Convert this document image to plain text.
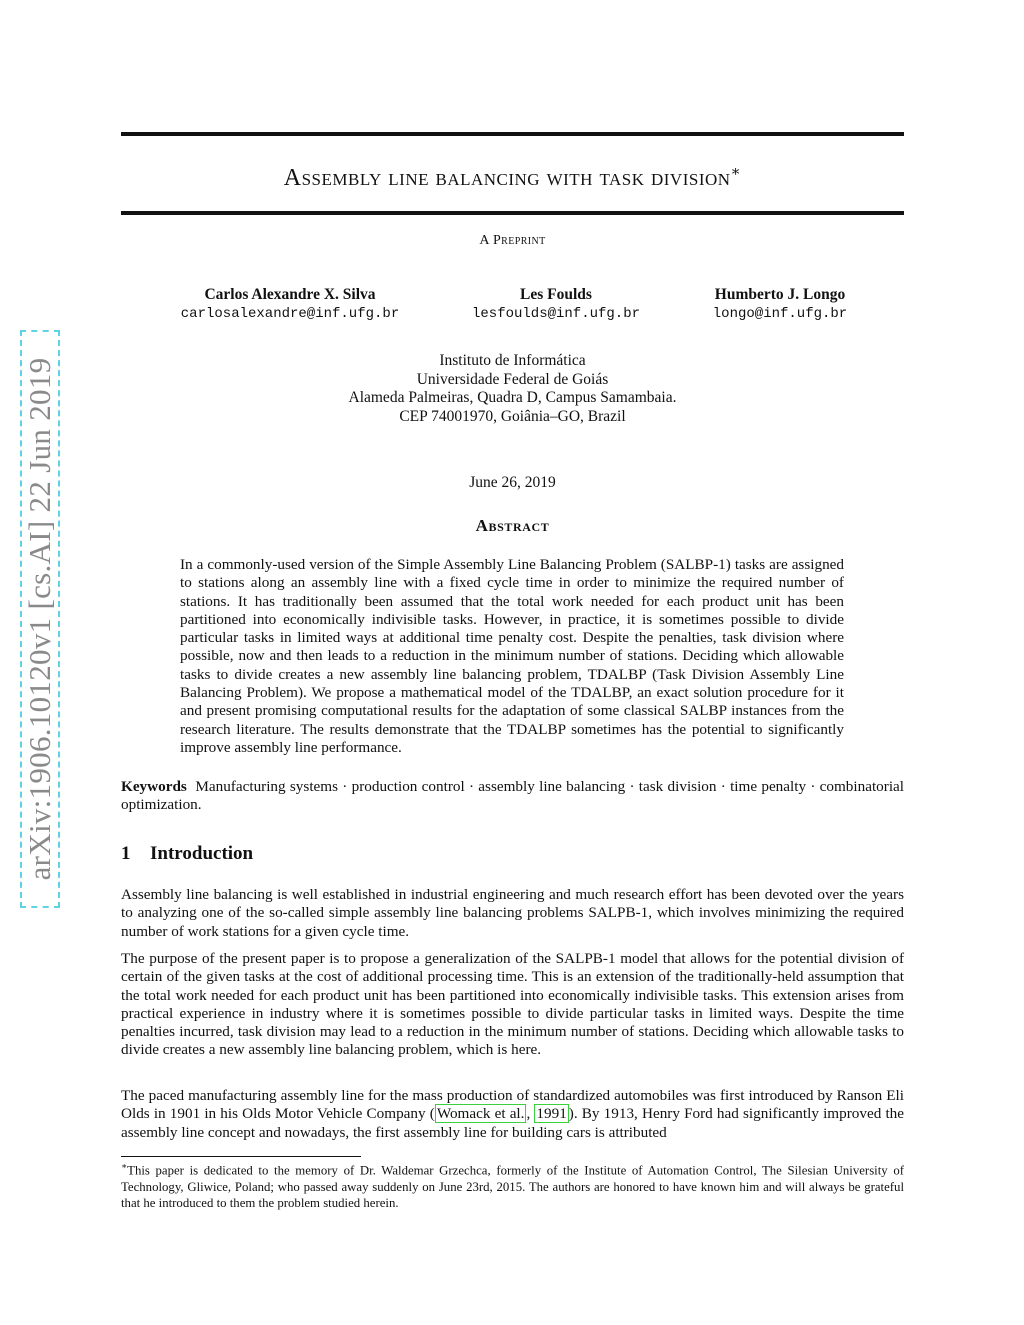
arXiv:1906.10120v1 [cs.AI] 22 Jun 2019
Assembly line balancing with task division∗
A Preprint
Carlos Alexandre X. Silva
carlosalexandre@inf.ufg.br
Les Foulds
lesfoulds@inf.ufg.br
Humberto J. Longo
longo@inf.ufg.br
Instituto de Informática
Universidade Federal de Goiás
Alameda Palmeiras, Quadra D, Campus Samambaia.
CEP 74001970, Goiânia–GO, Brazil
June 26, 2019
Abstract
In a commonly-used version of the Simple Assembly Line Balancing Problem (SALBP-1) tasks are assigned to stations along an assembly line with a fixed cycle time in order to minimize the required number of stations. It has traditionally been assumed that the total work needed for each product unit has been partitioned into economically indivisible tasks. However, in practice, it is sometimes possible to divide particular tasks in limited ways at additional time penalty cost. Despite the penalties, task division where possible, now and then leads to a reduction in the minimum number of stations. Deciding which allowable tasks to divide creates a new assembly line balancing problem, TDALBP (Task Division Assembly Line Balancing Problem). We propose a mathematical model of the TDALBP, an exact solution procedure for it and present promising computational results for the adaptation of some classical SALBP instances from the research literature. The results demonstrate that the TDALBP sometimes has the potential to significantly improve assembly line performance.
Keywords Manufacturing systems · production control · assembly line balancing · task division · time penalty · combinatorial optimization.
1 Introduction
Assembly line balancing is well established in industrial engineering and much research effort has been devoted over the years to analyzing one of the so-called simple assembly line balancing problems SALPB-1, which involves minimizing the required number of work stations for a given cycle time.
The purpose of the present paper is to propose a generalization of the SALPB-1 model that allows for the potential division of certain of the given tasks at the cost of additional processing time. This is an extension of the traditionally-held assumption that the total work needed for each product unit has been partitioned into economically indivisible tasks. This extension arises from practical experience in industry where it is sometimes possible to divide particular tasks in limited ways. Despite the time penalties incurred, task division may lead to a reduction in the minimum number of stations. Deciding which allowable tasks to divide creates a new assembly line balancing problem, which is here.
The paced manufacturing assembly line for the mass production of standardized automobiles was first introduced by Ranson Eli Olds in 1901 in his Olds Motor Vehicle Company ( Womack et al. , 1991 ). By 1913, Henry Ford had significantly improved the assembly line concept and nowadays, the first assembly line for building cars is attributed
∗This paper is dedicated to the memory of Dr. Waldemar Grzechca, formerly of the Institute of Automation Control, The Silesian University of Technology, Gliwice, Poland; who passed away suddenly on June 23rd, 2015. The authors are honored to have known him and will always be grateful that he introduced to them the problem studied herein.
